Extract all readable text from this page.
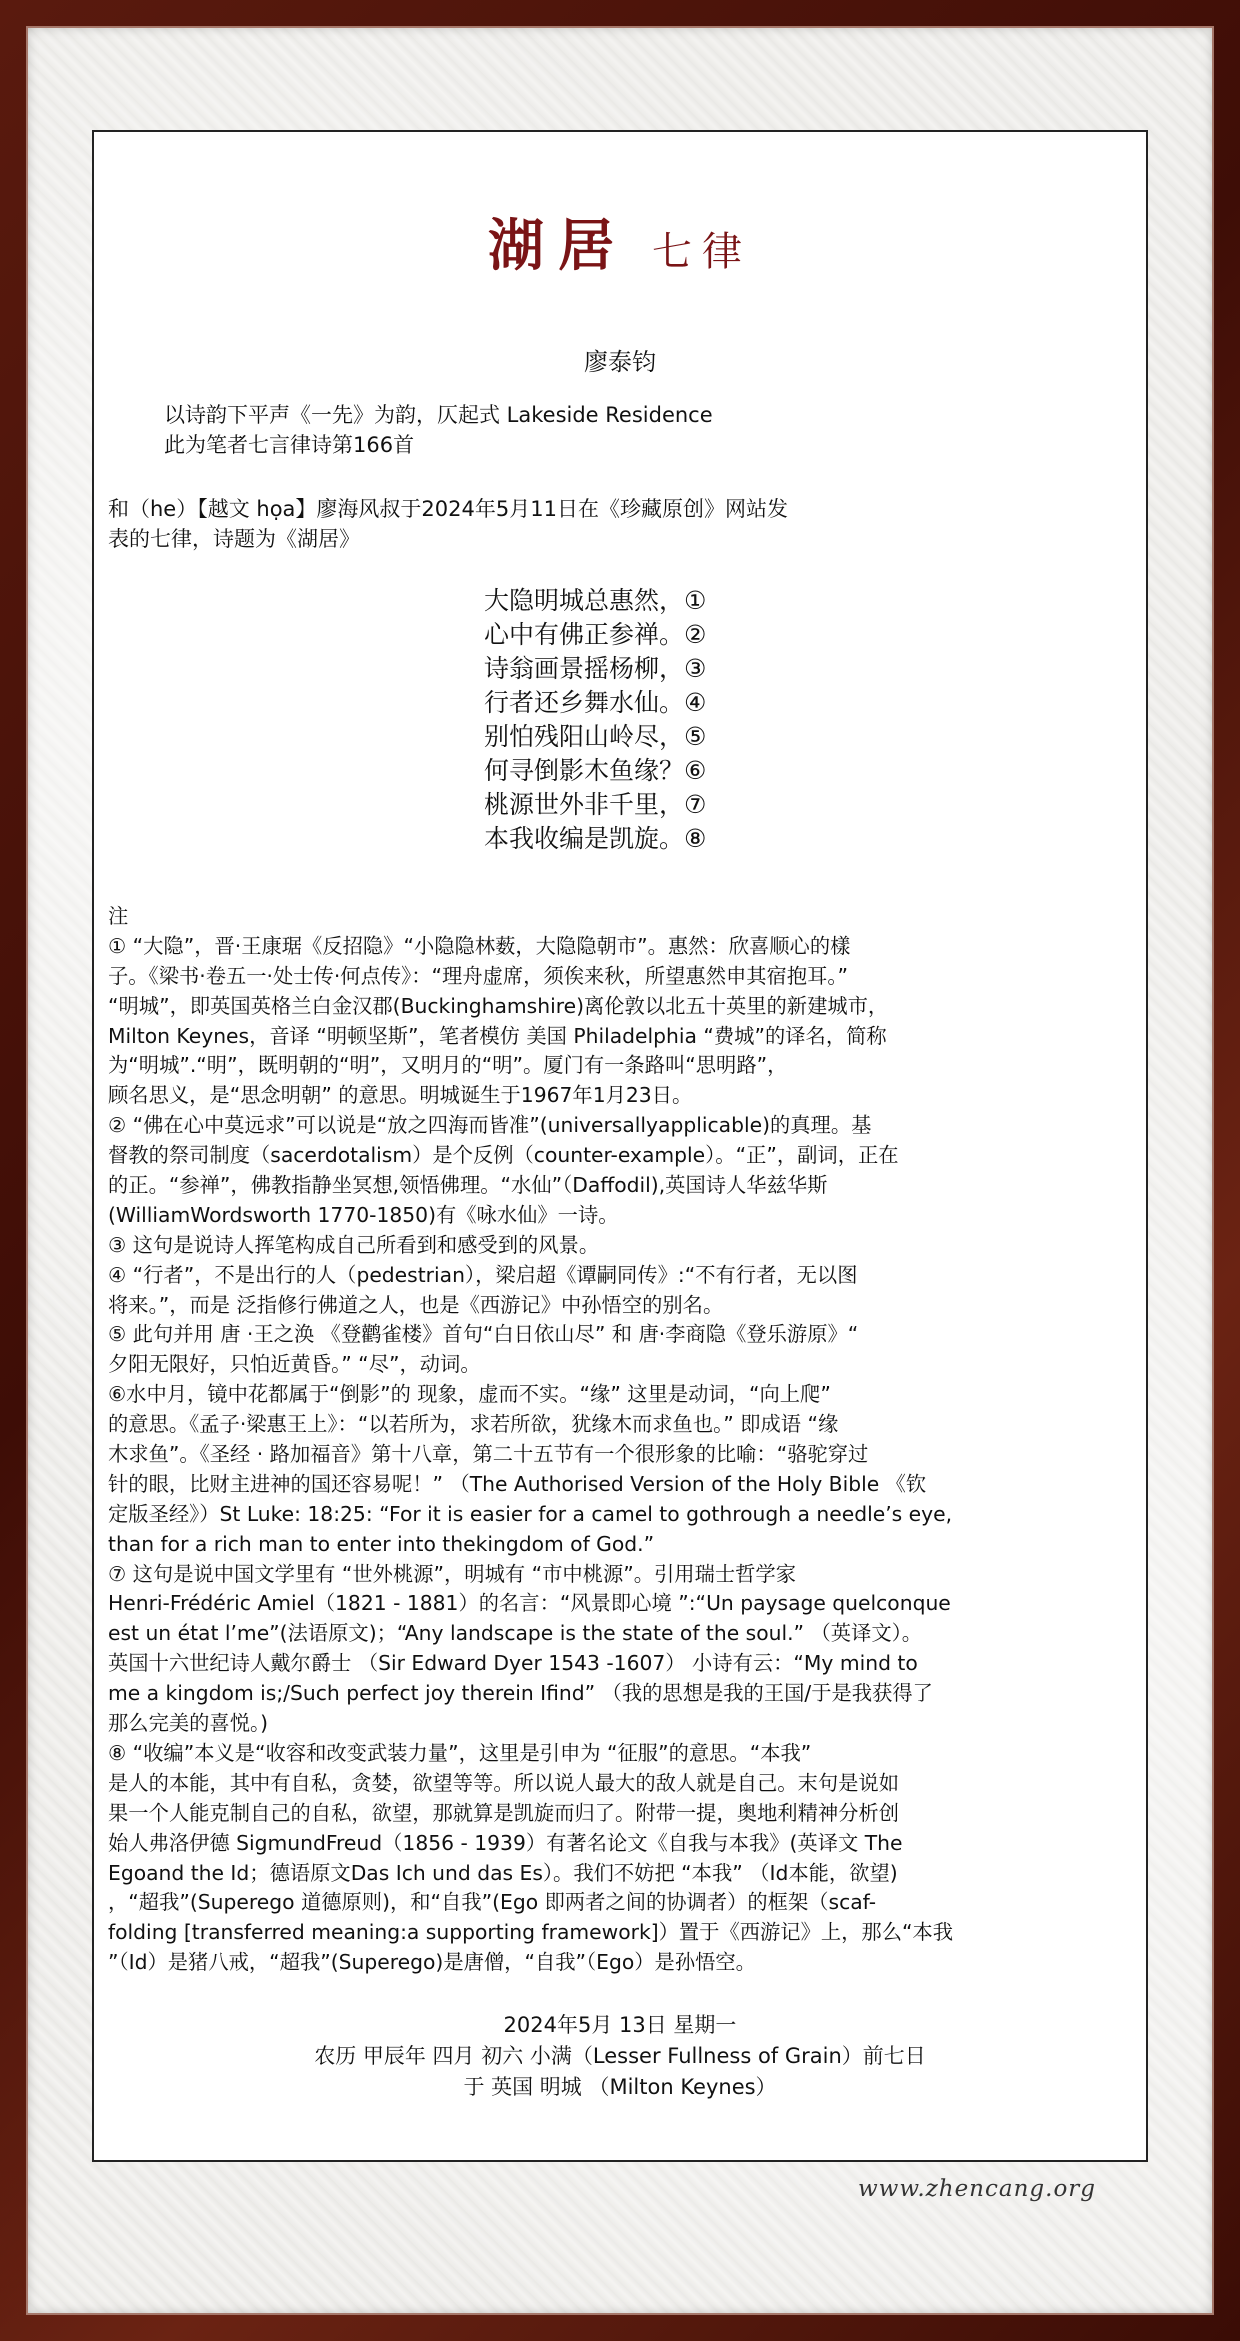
湖居 七律
廖泰钧
以诗韵下平声《一先》为韵，仄起式 Lakeside Residence
此为笔者七言律诗第166首
和（he）【越文 họa】廖海风叔于2024年5月11日在《珍藏原创》网站发
表的七律，诗题为《湖居》
大隐明城总惠然，①
心中有佛正参禅。②
诗翁画景摇杨柳，③
行者还乡舞水仙。④
别怕残阳山岭尽，⑤
何寻倒影木鱼缘？⑥
桃源世外非千里，⑦
本我收编是凯旋。⑧
注
① “大隐”，晋·王康琚《反招隐》“小隐隐林薮，大隐隐朝市”。惠然：欣喜顺心的樣
子。《梁书·卷五一·处士传·何点传》：“理舟虚席，须俟来秋，所望惠然申其宿抱耳。”
“明城”，即英国英格兰白金汉郡(Buckinghamshire)离伦敦以北五十英里的新建城市，
Milton Keynes，音译 “明顿坚斯”，笔者模仿 美国 Philadelphia “费城”的译名，简称
为“明城”.“明”，既明朝的“明”，又明月的“明”。厦门有一条路叫“思明路”，
顾名思义，是“思念明朝” 的意思。明城诞生于1967年1月23日。
② “佛在心中莫远求”可以说是“放之四海而皆准”(universallyapplicable)的真理。基
督教的祭司制度（sacerdotalism）是个反例（counter-example）。“正”，副词，正在
的正。“参禅”，佛教指静坐冥想,领悟佛理。“水仙”（Daffodil),英国诗人华兹华斯
(WilliamWordsworth 1770-1850)有《咏水仙》一诗。
③ 这句是说诗人挥笔构成自己所看到和感受到的风景。
④ “行者”，不是出行的人（pedestrian），梁启超《谭嗣同传》:“不有行者，无以图
将来。”，而是 泛指修行佛道之人，也是《西游记》中孙悟空的别名。
⑤ 此句并用 唐 ·王之涣 《登鹳雀楼》首句“白日依山尽” 和 唐·李商隐《登乐游原》“
夕阳无限好，只怕近黄昏。” “尽”，动词。
⑥水中月，镜中花都属于“倒影”的 现象，虚而不实。“缘” 这里是动词，“向上爬”
的意思。《孟子·梁惠王上》：“以若所为，求若所欲，犹缘木而求鱼也。” 即成语 “缘
木求鱼”。《圣经 · 路加福音》第十八章，第二十五节有一个很形象的比喻：“骆驼穿过
针的眼，比财主进神的国还容易呢！” （The Authorised Version of the Holy Bible 《钦
定版圣经》）St Luke: 18:25: “For it is easier for a camel to gothrough a needle’s eye,
than for a rich man to enter into thekingdom of God.”
⑦ 这句是说中国文学里有 “世外桃源”，明城有 “市中桃源”。引用瑞士哲学家
Henri-Frédéric Amiel（1821 - 1881）的名言：“风景即心境 ”:“Un paysage quelconque
est un état l’me”(法语原文)；“Any landscape is the state of the soul.” （英译文）。
英国十六世纪诗人戴尔爵士 （Sir Edward Dyer 1543 -1607） 小诗有云：“My mind to
me a kingdom is;/Such perfect joy therein Ifind” （我的思想是我的王国/于是我获得了
那么完美的喜悦。)
⑧ “收编”本义是“收容和改变武装力量”，这里是引申为 “征服”的意思。“本我”
是人的本能，其中有自私，贪婪，欲望等等。所以说人最大的敌人就是自己。末句是说如
果一个人能克制自己的自私，欲望，那就算是凯旋而归了。附带一提，奥地利精神分析创
始人弗洛伊德 SigmundFreud（1856 - 1939）有著名论文《自我与本我》(英译文 The
Egoand the Id；德语原文Das Ich und das Es）。我们不妨把 “本我” （Id本能，欲望)
，“超我”(Superego 道德原则)，和“自我”(Ego 即两者之间的协调者）的框架（scaf-
folding [transferred meaning:a supporting framework]）置于《西游记》上，那么“本我
”（Id）是猪八戒，“超我”(Superego)是唐僧，“自我”（Ego）是孙悟空。
2024年5月 13日 星期一
农历 甲辰年 四月 初六 小满（Lesser Fullness of Grain）前七日
于 英国 明城 （Milton Keynes）
www.zhencang.org
